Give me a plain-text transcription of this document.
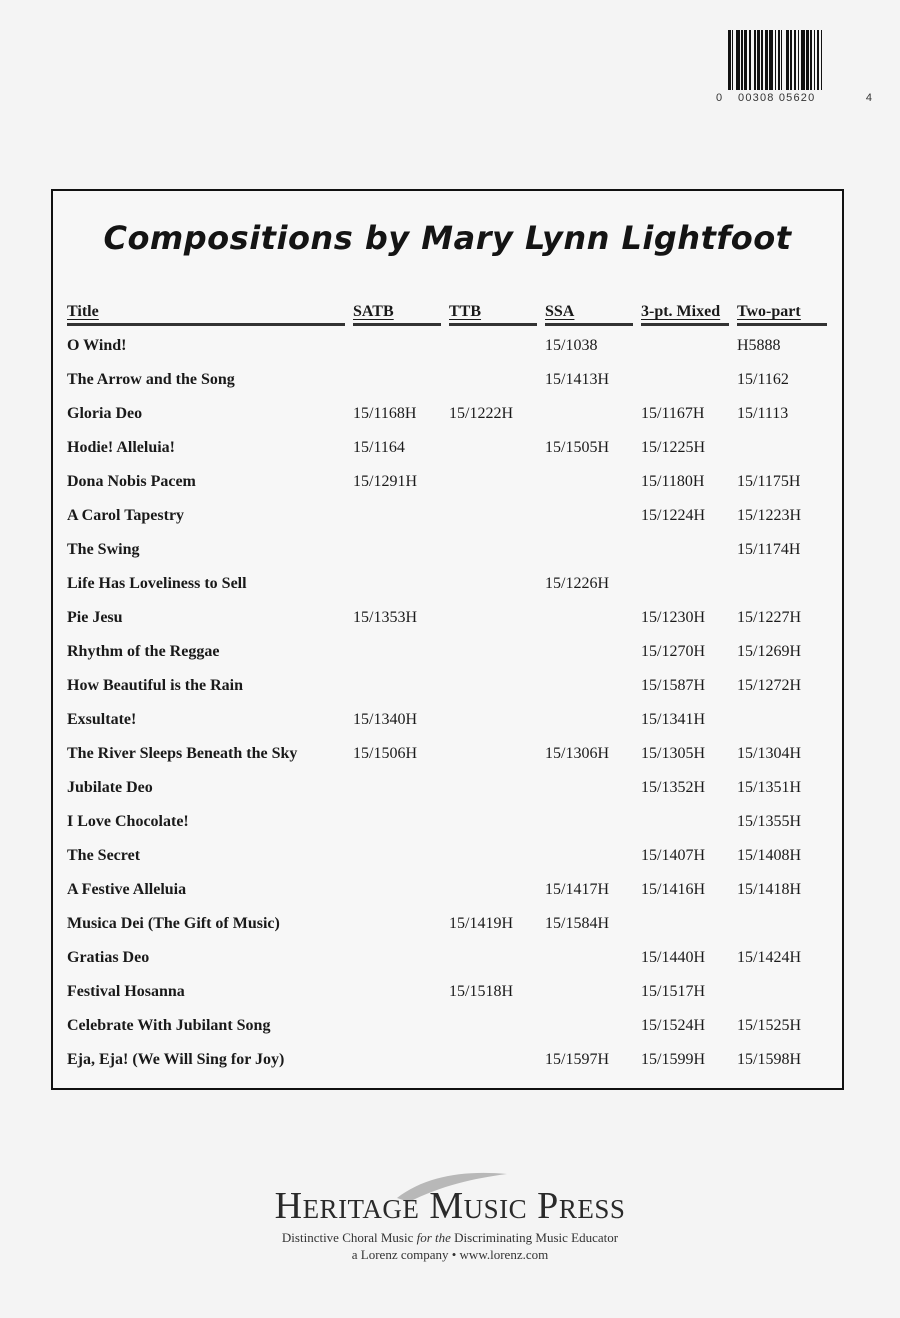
0 00308 05620	4
Compositions by Mary Lynn Lightfoot
Title	SATB	TTB	SSA	3-pt. Mixed	Two-part

O Wind!			15/1038		H5888
The Arrow and the Song			15/1413H		15/1162
Gloria Deo	15/1168H	15/1222H		15/1167H	15/1113
Hodie! Alleluia!	15/1164		15/1505H	15/1225H	
Dona Nobis Pacem	15/1291H			15/1180H	15/1175H
A Carol Tapestry				15/1224H	15/1223H
The Swing					15/1174H
Life Has Loveliness to Sell			15/1226H		
Pie Jesu	15/1353H			15/1230H	15/1227H
Rhythm of the Reggae				15/1270H	15/1269H
How Beautiful is the Rain				15/1587H	15/1272H
Exsultate!	15/1340H			15/1341H	
The River Sleeps Beneath the Sky	15/1506H		15/1306H	15/1305H	15/1304H
Jubilate Deo				15/1352H	15/1351H
I Love Chocolate!					15/1355H
The Secret				15/1407H	15/1408H
A Festive Alleluia			15/1417H	15/1416H	15/1418H
Musica Dei (The Gift of Music)		15/1419H	15/1584H		
Gratias Deo				15/1440H	15/1424H
Festival Hosanna		15/1518H		15/1517H	
Celebrate With Jubilant Song				15/1524H	15/1525H
Eja, Eja! (We Will Sing for Joy)			15/1597H	15/1599H	15/1598H
Heritage Music Press
Distinctive Choral Music for the Discriminating Music Educator
a Lorenz company • www.lorenz.com
